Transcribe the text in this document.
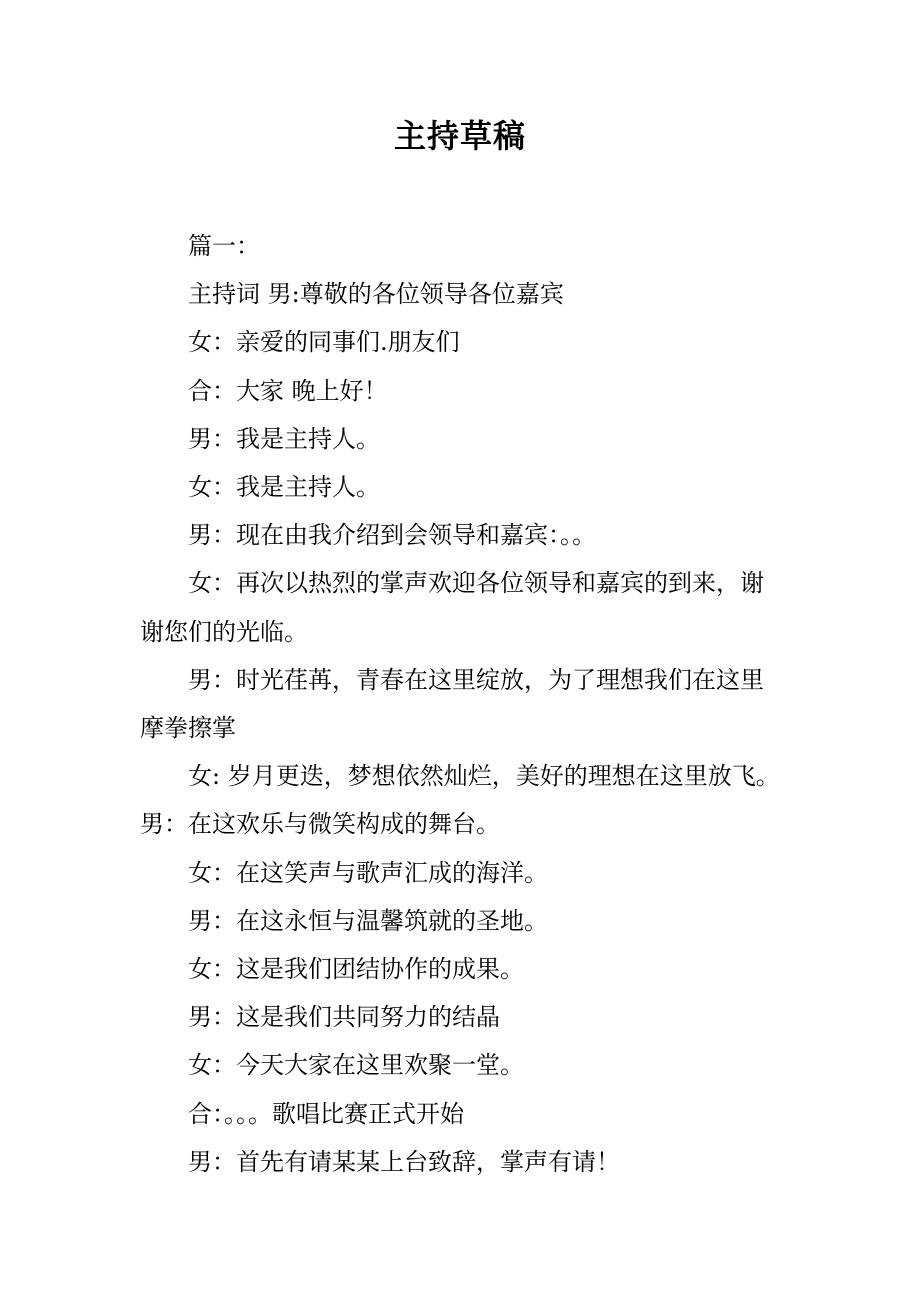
主持草稿

篇一：

主持词 男:尊敬的各位领导各位嘉宾

女：亲爱的同事们.朋友们

合：大家 晚上好！

男：我是主持人。

女：我是主持人。

男：现在由我介绍到会领导和嘉宾：。。

女：再次以热烈的掌声欢迎各位领导和嘉宾的到来，谢

谢您们的光临。

男：时光荏苒，青春在这里绽放，为了理想我们在这里

摩拳擦掌

女: 岁月更迭，梦想依然灿烂，美好的理想在这里放飞。

男：在这欢乐与微笑构成的舞台。

女：在这笑声与歌声汇成的海洋。

男：在这永恒与温馨筑就的圣地。

女：这是我们团结协作的成果。

男：这是我们共同努力的结晶

女：今天大家在这里欢聚一堂。

合：。。。歌唱比赛正式开始

男：首先有请某某上台致辞，掌声有请！
